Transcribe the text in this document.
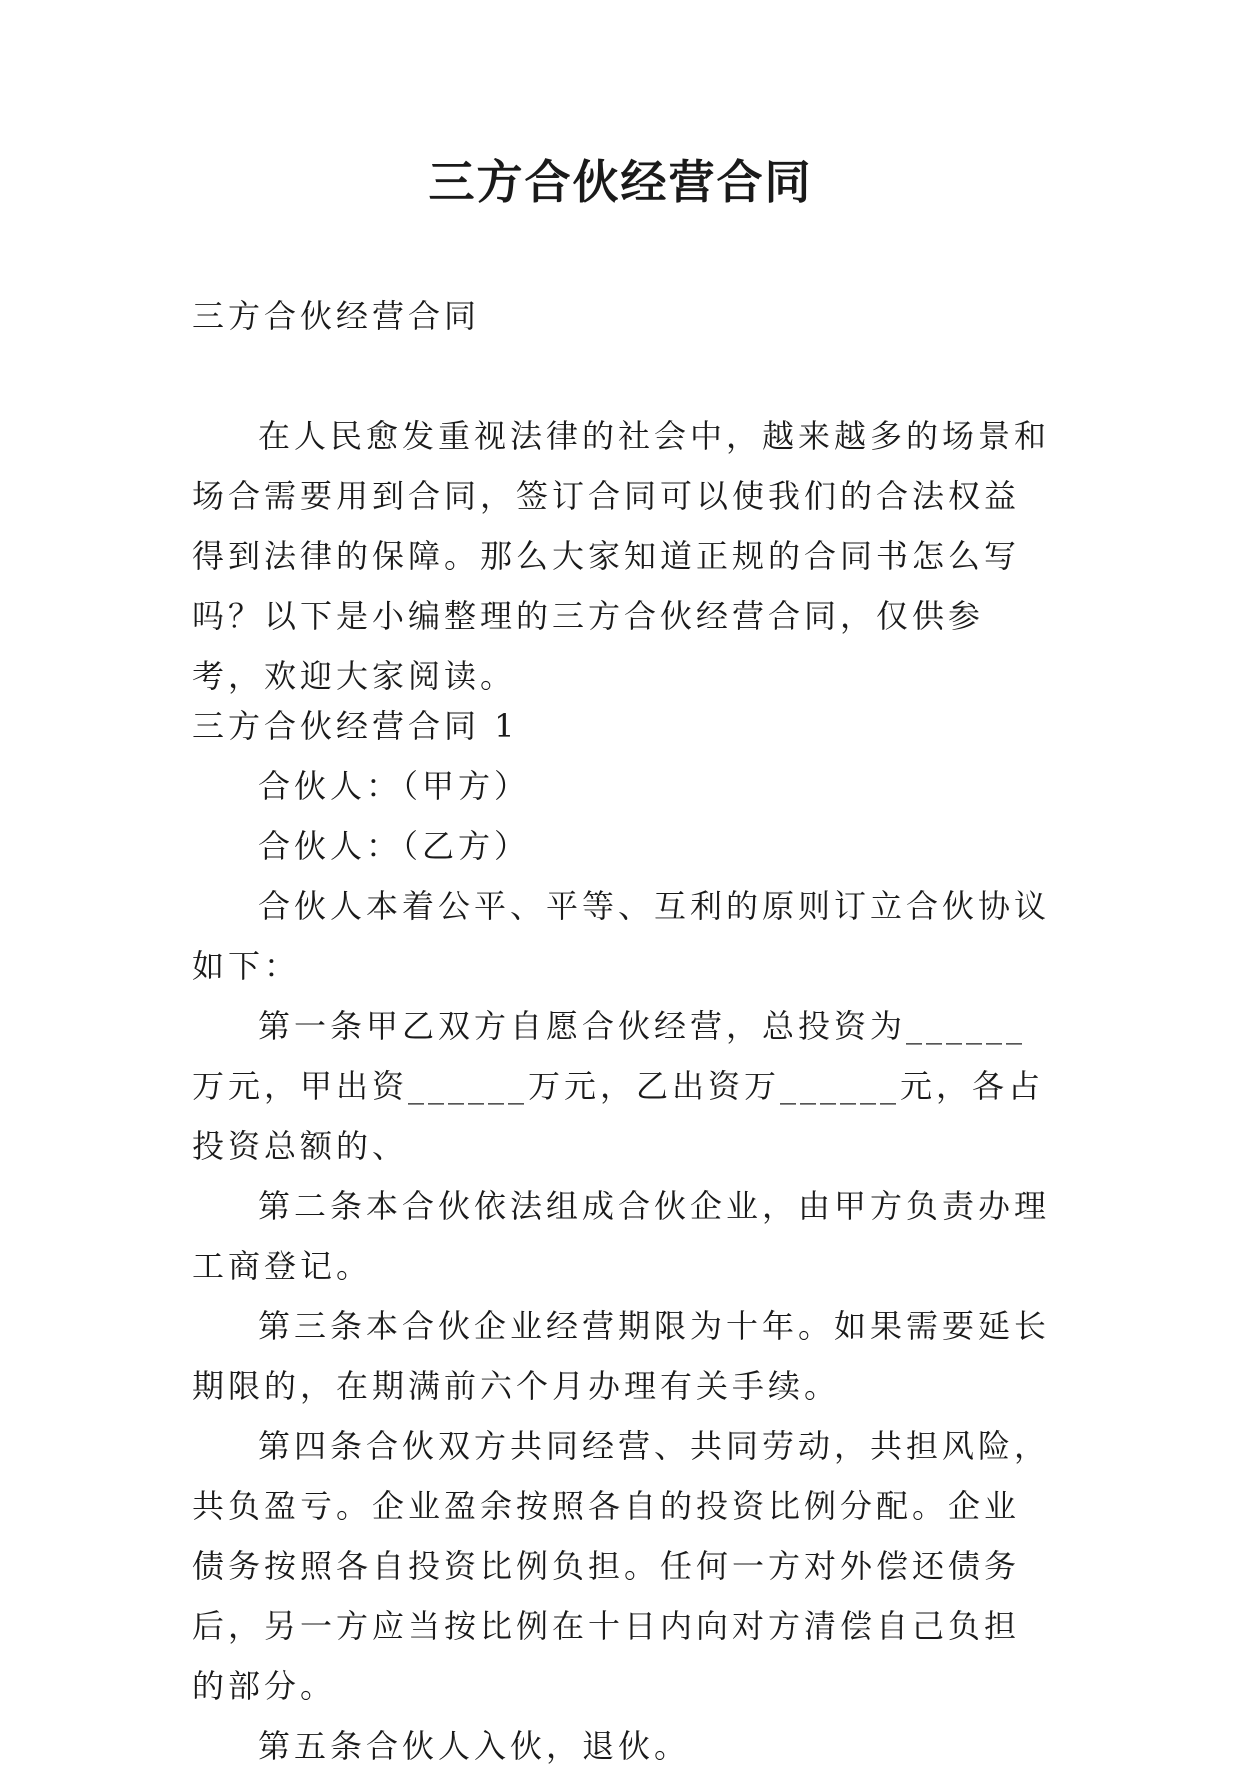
三方合伙经营合同

三方合伙经营合同

在人民愈发重视法律的社会中，越来越多的场景和场合需要用到合同，签订合同可以使我们的合法权益得到法律的保障。那么大家知道正规的合同书怎么写吗？以下是小编整理的三方合伙经营合同，仅供参考，欢迎大家阅读。

三方合伙经营合同 1

合伙人：（甲方）

合伙人：（乙方）

合伙人本着公平、平等、互利的原则订立合伙协议如下：

第一条甲乙双方自愿合伙经营，总投资为______万元，甲出资______万元，乙出资万______元，各占投资总额的、

第二条本合伙依法组成合伙企业，由甲方负责办理工商登记。

第三条本合伙企业经营期限为十年。如果需要延长期限的，在期满前六个月办理有关手续。

第四条合伙双方共同经营、共同劳动，共担风险，共负盈亏。企业盈余按照各自的投资比例分配。企业债务按照各自投资比例负担。任何一方对外偿还债务后，另一方应当按比例在十日内向对方清偿自己负担的部分。

第五条合伙人入伙，退伙。
